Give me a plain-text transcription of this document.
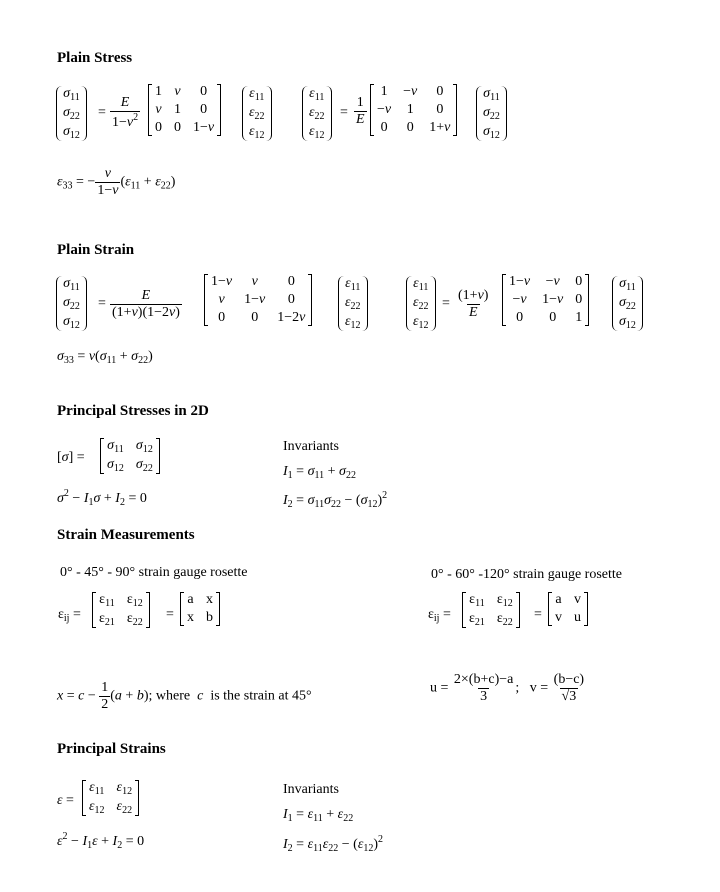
Plain Stress
$\sigma_{11}$
$\sigma_{22}$
$\sigma_{12}$
= $\frac{E}{1-\nu^2}$
1 ν 0
ν 1 0
0 0 1−ν
$\varepsilon_{11}$
$\varepsilon_{22}$
$\varepsilon_{12}$
$\varepsilon_{11}$
$\varepsilon_{22}$
$\varepsilon_{12}$
= $\frac{1}{E}$
1 −ν 0
−ν 1 0
0 0 1+ν
$\sigma_{11}$
$\sigma_{22}$
$\sigma_{12}$
$\varepsilon_{33}$ = − $\frac{\nu}{1-\nu} (\varepsilon_{11} + \varepsilon_{22})$
Plain Strain
$\sigma_{11}$
$\sigma_{22}$
$\sigma_{12}$
= $\frac{E}{(1+\nu)(1-2\nu)}$
1−ν ν 0
ν 1−ν 0
0 0 1−2ν
$\varepsilon_{11}$
$\varepsilon_{22}$
$\varepsilon_{12}$
$\varepsilon_{11}$
$\varepsilon_{22}$
$\varepsilon_{12}$
= $\frac{(1+\nu)}{E}$
1−ν −ν 0
−ν 1−ν 0
0 0 1
$\sigma_{11}$
$\sigma_{22}$
$\sigma_{12}$
$\sigma_{33} = \nu(\sigma_{11} + \sigma_{22})$
Principal Stresses in 2D
[σ] =
$\sigma_{11}$ $\sigma_{12}$
$\sigma_{12}$ $\sigma_{22}$
$\sigma^2 - I_1\sigma + I_2 = 0$
Invariants
$I_1 = \sigma_{11} + \sigma_{22}$
$I_2 = \sigma_{11}\sigma_{22} - (\sigma_{12})^2$
Strain Measurements
0° - 45° - 90° strain gauge rosette
$\varepsilon_{ij}$ =
$\varepsilon_{11}$ $\varepsilon_{12}$
$\varepsilon_{21}$ $\varepsilon_{22}$
=
a x
x b
0° - 60° -120° strain gauge rosette
$\varepsilon_{ij}$ =
$\varepsilon_{11}$ $\varepsilon_{12}$
$\varepsilon_{21}$ $\varepsilon_{22}$
=
a v
v u
$x = c - \frac{1}{2} (a + b)$; where c is the strain at 45°
$u = \frac{2\times(b+c)-a}{3}$ ;   $v = \frac{(b-c)}{√3}$
Principal Strains
ε =
$\varepsilon_{11}$ $\varepsilon_{12}$
$\varepsilon_{12}$ $\varepsilon_{22}$
$\varepsilon^2 - I_1\varepsilon + I_2 = 0$
Invariants
$I_1 = \varepsilon_{11} + \varepsilon_{22}$
$I_2 = \varepsilon_{11}\varepsilon_{22} - (\varepsilon_{12})^2$
